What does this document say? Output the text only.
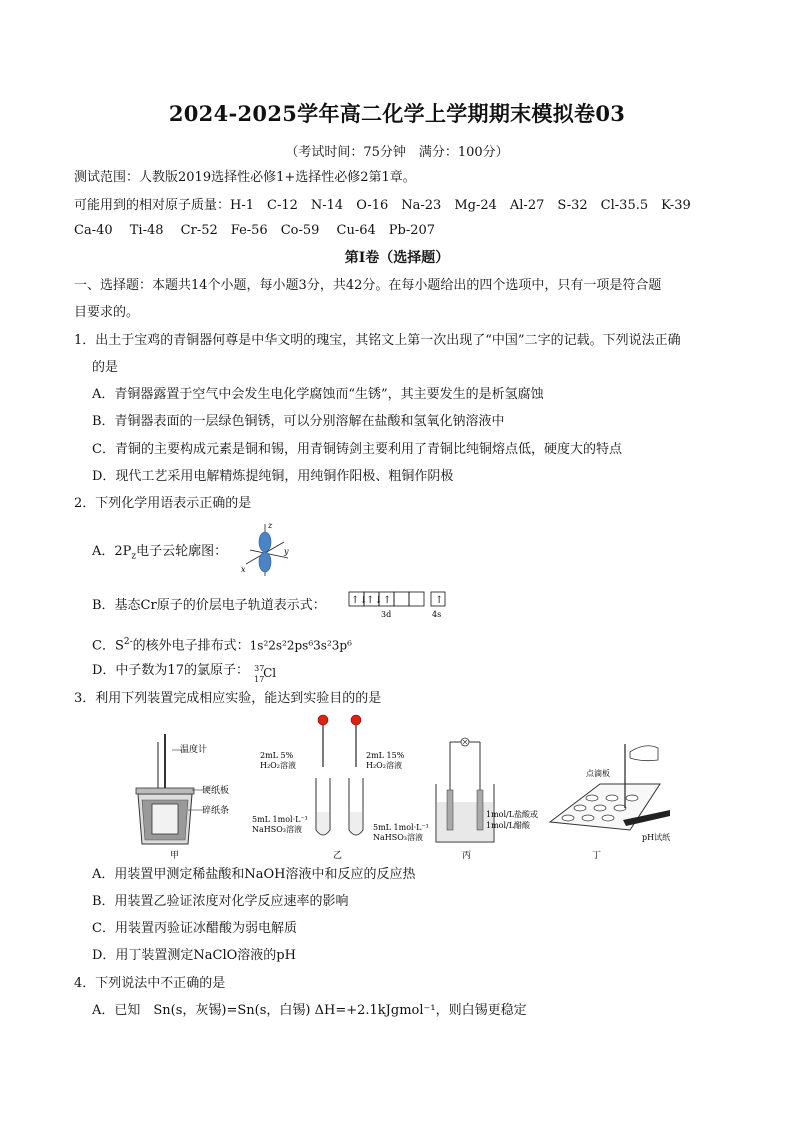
2024-2025学年高二化学上学期期末模拟卷03
（考试时间：75分钟　满分：100分）
测试范围：人教版2019选择性必修1+选择性必修2第1章。
可能用到的相对原子质量：H-1　C-12　N-14　O-16　Na-23　Mg-24　Al-27　S-32　Cl-35.5　K-39
Ca-40　 Ti-48　 Cr-52　Fe-56　Co-59　 Cu-64　Pb-207
第Ⅰ卷（选择题）
一、选择题：本题共14个小题，每小题3分，共42分。在每小题给出的四个选项中，只有一项是符合题
目要求的。
1．出土于宝鸡的青铜器何尊是中华文明的瑰宝，其铭文上第一次出现了“中国”二字的记载。下列说法正确
的是
A．青铜器露置于空气中会发生电化学腐蚀而“生锈”，其主要发生的是析氢腐蚀
B．青铜器表面的一层绿色铜锈，可以分别溶解在盐酸和氢氧化钠溶液中
C．青铜的主要构成元素是铜和锡，用青铜铸剑主要利用了青铜比纯铜熔点低，硬度大的特点
D．现代工艺采用电解精炼提纯铜，用纯铜作阳极、粗铜作阴极
2．下列化学用语表示正确的是
A．$2P_z$电子云轮廓图：
z
x
y
B．基态Cr原子的价层电子轨道表示式：	↑↓
↑↓ ↑	↑
3d	4s
C．$S^{2-}$的核外电子排布式：1s²2s²2ps⁶3s²3p⁶
D．中子数为17的氯原子： 37
17
Cl
3．利用下列装置完成相应实验，能达到实验目的的是
温度计
硬纸板
碎纸条
甲
2mL 5%
H₂O₂溶液
2mL 15%
H₂O₂溶液
5mL 1mol·L⁻¹
NaHSO₃溶液	5mL 1mol·L⁻¹
NaHSO₃溶液
乙
1mol/L盐酸或
1mol/L醋酸
丙
点滴板
pH试纸
丁
A．用装置甲测定稀盐酸和NaOH溶液中和反应的反应热
B．用装置乙验证浓度对化学反应速率的影响
C．用装置丙验证冰醋酸为弱电解质
D．用丁装置测定NaClO溶液的pH
4．下列说法中不正确的是
A．已知　Sn(s，灰锡)=Sn(s，白锡) ΔH=+2.1kJgmol⁻¹，则白锡更稳定
